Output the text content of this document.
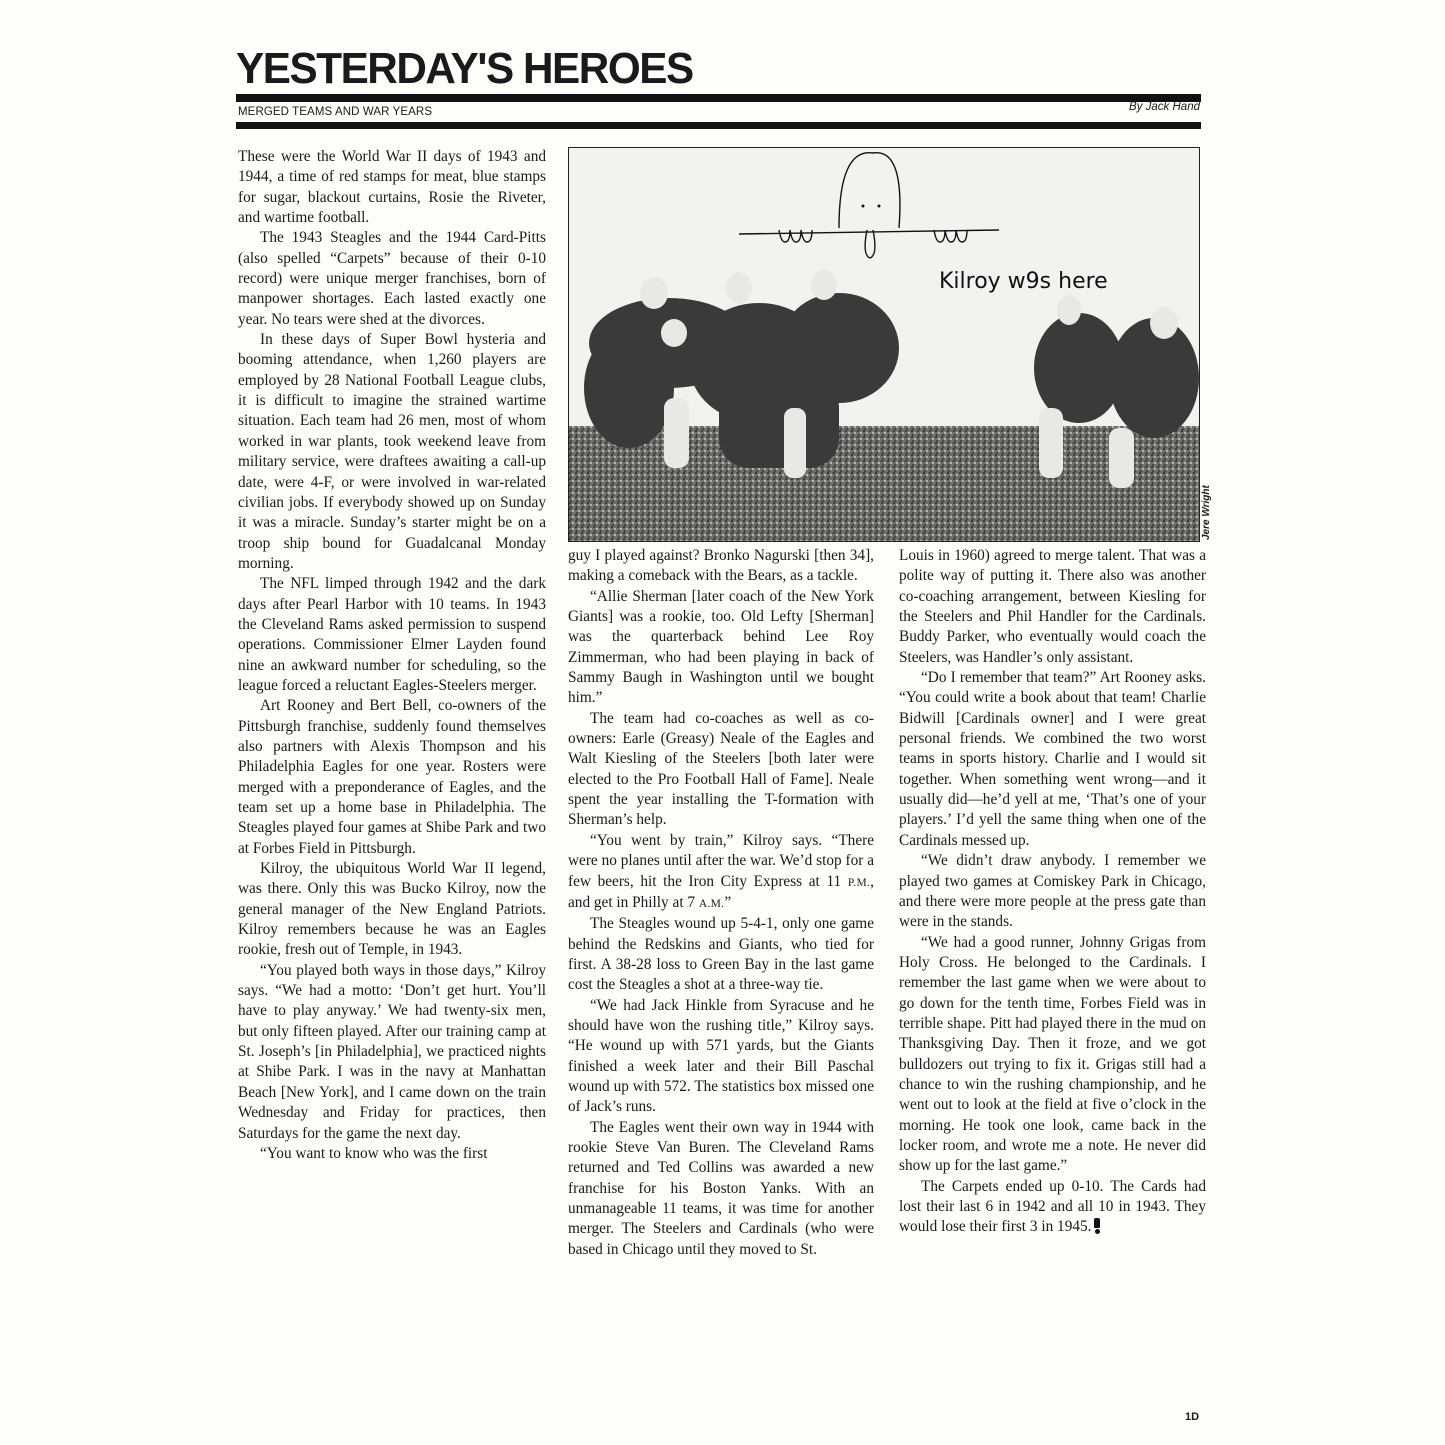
YESTERDAY'S HEROES
MERGED TEAMS AND WAR YEARS	By Jack Hand

These were the World War II days of 1943 and 1944, a time of red stamps for meat, blue stamps for sugar, blackout curtains, Rosie the Riveter, and wartime football.

The 1943 Steagles and the 1944 Card-Pitts (also spelled “Carpets” because of their 0-10 record) were unique merger franchises, born of manpower shortages. Each lasted exactly one year. No tears were shed at the divorces.

In these days of Super Bowl hysteria and booming attendance, when 1,260 players are employed by 28 National Football League clubs, it is difficult to imagine the strained wartime situation. Each team had 26 men, most of whom worked in war plants, took weekend leave from military service, were draftees awaiting a call-up date, were 4-F, or were involved in war-related civilian jobs. If everybody showed up on Sunday it was a miracle. Sunday’s starter might be on a troop ship bound for Guadalcanal Monday morning.

The NFL limped through 1942 and the dark days after Pearl Harbor with 10 teams. In 1943 the Cleveland Rams asked permission to suspend operations. Commissioner Elmer Layden found nine an awkward number for scheduling, so the league forced a reluctant Eagles-Steelers merger.

Art Rooney and Bert Bell, co-owners of the Pittsburgh franchise, suddenly found themselves also partners with Alexis Thompson and his Philadelphia Eagles for one year. Rosters were merged with a preponderance of Eagles, and the team set up a home base in Philadelphia. The Steagles played four games at Shibe Park and two at Forbes Field in Pittsburgh.

Kilroy, the ubiquitous World War II legend, was there. Only this was Bucko Kilroy, now the general manager of the New England Patriots. Kilroy remembers because he was an Eagles rookie, fresh out of Temple, in 1943.

“You played both ways in those days,” Kilroy says. “We had a motto: ‘Don’t get hurt. You’ll have to play anyway.’ We had twenty-six men, but only fifteen played. After our training camp at St. Joseph’s [in Philadelphia], we practiced nights at Shibe Park. I was in the navy at Manhattan Beach [New York], and I came down on the train Wednesday and Friday for practices, then Saturdays for the game the next day.

“You want to know who was the first

Kilroy w9s here
Jere Wright

guy I played against? Bronko Nagurski [then 34], making a comeback with the Bears, as a tackle.

“Allie Sherman [later coach of the New York Giants] was a rookie, too. Old Lefty [Sherman] was the quarterback behind Lee Roy Zimmerman, who had been playing in back of Sammy Baugh in Washington until we bought him.”

The team had co-coaches as well as co-owners: Earle (Greasy) Neale of the Eagles and Walt Kiesling of the Steelers [both later were elected to the Pro Football Hall of Fame]. Neale spent the year installing the T-formation with Sherman’s help.

“You went by train,” Kilroy says. “There were no planes until after the war. We’d stop for a few beers, hit the Iron City Express at 11 P.M., and get in Philly at 7 A.M.”

The Steagles wound up 5-4-1, only one game behind the Redskins and Giants, who tied for first. A 38-28 loss to Green Bay in the last game cost the Steagles a shot at a three-way tie.

“We had Jack Hinkle from Syracuse and he should have won the rushing title,” Kilroy says. “He wound up with 571 yards, but the Giants finished a week later and their Bill Paschal wound up with 572. The statistics box missed one of Jack’s runs.

The Eagles went their own way in 1944 with rookie Steve Van Buren. The Cleveland Rams returned and Ted Collins was awarded a new franchise for his Boston Yanks. With an unmanageable 11 teams, it was time for another merger. The Steelers and Cardinals (who were based in Chicago until they moved to St.

Louis in 1960) agreed to merge talent. That was a polite way of putting it. There also was another co-coaching arrangement, between Kiesling for the Steelers and Phil Handler for the Cardinals. Buddy Parker, who eventually would coach the Steelers, was Handler’s only assistant.

“Do I remember that team?” Art Rooney asks. “You could write a book about that team! Charlie Bidwill [Cardinals owner] and I were great personal friends. We combined the two worst teams in sports history. Charlie and I would sit together. When something went wrong—and it usually did—he’d yell at me, ‘That’s one of your players.’ I’d yell the same thing when one of the Cardinals messed up.

“We didn’t draw anybody. I remember we played two games at Comiskey Park in Chicago, and there were more people at the press gate than were in the stands.

“We had a good runner, Johnny Grigas from Holy Cross. He belonged to the Cardinals. I remember the last game when we were about to go down for the tenth time, Forbes Field was in terrible shape. Pitt had played there in the mud on Thanksgiving Day. Then it froze, and we got bulldozers out trying to fix it. Grigas still had a chance to win the rushing championship, and he went out to look at the field at five o’clock in the morning. He took one look, came back in the locker room, and wrote me a note. He never did show up for the last game.”

The Carpets ended up 0-10. The Cards had lost their last 6 in 1942 and all 10 in 1943. They would lose their first 3 in 1945.

1D
